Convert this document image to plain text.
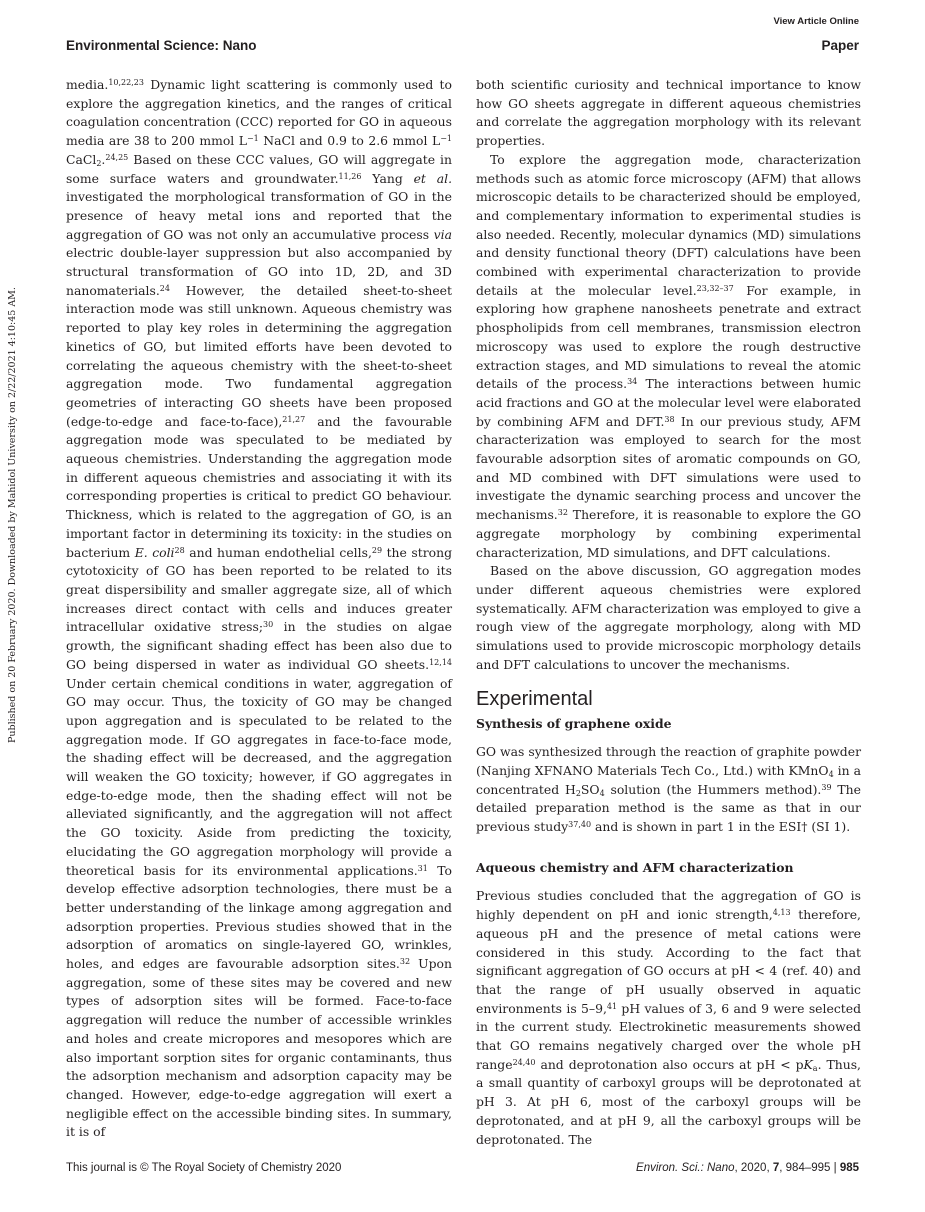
View Article Online
Environmental Science: Nano	Paper
Published on 20 February 2020. Downloaded by Mahidol University on 2/22/2021 4:10:45 AM.

media.$^{10,22,23}$ Dynamic light scattering is commonly used to explore the aggregation kinetics, and the ranges of critical coagulation concentration (CCC) reported for GO in aqueous media are 38 to 200 mmol $L^{-1}$ NaCl and 0.9 to 2.6 mmol $L^{-1}$ CaCl$_2$.$^{24,25}$ Based on these CCC values, GO will aggregate in some surface waters and groundwater.$^{11,26}$ Yang et al. investigated the morphological transformation of GO in the presence of heavy metal ions and reported that the aggregation of GO was not only an accumulative process via electric double-layer suppression but also accompanied by structural transformation of GO into 1D, 2D, and 3D nanomaterials.$^{24}$ However, the detailed sheet-to-sheet interaction mode was still unknown. Aqueous chemistry was reported to play key roles in determining the aggregation kinetics of GO, but limited efforts have been devoted to correlating the aqueous chemistry with the sheet-to-sheet aggregation mode. Two fundamental aggregation geometries of interacting GO sheets have been proposed (edge-to-edge and face-to-face),$^{21,27}$ and the favourable aggregation mode was speculated to be mediated by aqueous chemistries. Understanding the aggregation mode in different aqueous chemistries and associating it with its corresponding properties is critical to predict GO behaviour. Thickness, which is related to the aggregation of GO, is an important factor in determining its toxicity: in the studies on bacterium E. coli$^{28}$ and human endothelial cells,$^{29}$ the strong cytotoxicity of GO has been reported to be related to its great dispersibility and smaller aggregate size, all of which increases direct contact with cells and induces greater intracellular oxidative stress;$^{30}$ in the studies on algae growth, the significant shading effect has been also due to GO being dispersed in water as individual GO sheets.$^{12,14}$ Under certain chemical conditions in water, aggregation of GO may occur. Thus, the toxicity of GO may be changed upon aggregation and is speculated to be related to the aggregation mode. If GO aggregates in face-to-face mode, the shading effect will be decreased, and the aggregation will weaken the GO toxicity; however, if GO aggregates in edge-to-edge mode, then the shading effect will not be alleviated significantly, and the aggregation will not affect the GO toxicity. Aside from predicting the toxicity, elucidating the GO aggregation morphology will provide a theoretical basis for its environmental applications.$^{31}$ To develop effective adsorption technologies, there must be a better understanding of the linkage among aggregation and adsorption properties. Previous studies showed that in the adsorption of aromatics on single-layered GO, wrinkles, holes, and edges are favourable adsorption sites.$^{32}$ Upon aggregation, some of these sites may be covered and new types of adsorption sites will be formed. Face-to-face aggregation will reduce the number of accessible wrinkles and holes and create micropores and mesopores which are also important sorption sites for organic contaminants, thus the adsorption mechanism and adsorption capacity may be changed. However, edge-to-edge aggregation will exert a negligible effect on the accessible binding sites. In summary, it is of

both scientific curiosity and technical importance to know how GO sheets aggregate in different aqueous chemistries and correlate the aggregation morphology with its relevant properties.

To explore the aggregation mode, characterization methods such as atomic force microscopy (AFM) that allows microscopic details to be characterized should be employed, and complementary information to experimental studies is also needed. Recently, molecular dynamics (MD) simulations and density functional theory (DFT) calculations have been combined with experimental characterization to provide details at the molecular level.$^{23,32-37}$ For example, in exploring how graphene nanosheets penetrate and extract phospholipids from cell membranes, transmission electron microscopy was used to explore the rough destructive extraction stages, and MD simulations to reveal the atomic details of the process.$^{34}$ The interactions between humic acid fractions and GO at the molecular level were elaborated by combining AFM and DFT.$^{38}$ In our previous study, AFM characterization was employed to search for the most favourable adsorption sites of aromatic compounds on GO, and MD combined with DFT simulations were used to investigate the dynamic searching process and uncover the mechanisms.$^{32}$ Therefore, it is reasonable to explore the GO aggregate morphology by combining experimental characterization, MD simulations, and DFT calculations.

Based on the above discussion, GO aggregation modes under different aqueous chemistries were explored systematically. AFM characterization was employed to give a rough view of the aggregate morphology, along with MD simulations used to provide microscopic morphology details and DFT calculations to uncover the mechanisms.

Experimental
Synthesis of graphene oxide

GO was synthesized through the reaction of graphite powder (Nanjing XFNANO Materials Tech Co., Ltd.) with KMnO$_4$ in a concentrated $H_2SO_4$ solution (the Hummers method).$^{39}$ The detailed preparation method is the same as that in our previous study$^{37,40}$ and is shown in part 1 in the ESI† (SI 1).

Aqueous chemistry and AFM characterization

Previous studies concluded that the aggregation of GO is highly dependent on pH and ionic strength,$^{4,13}$ therefore, aqueous pH and the presence of metal cations were considered in this study. According to the fact that significant aggregation of GO occurs at pH < 4 (ref. 40) and that the range of pH usually observed in aquatic environments is 5–9,41 pH values of 3, 6 and 9 were selected in the current study. Electrokinetic measurements showed that GO remains negatively charged over the whole pH range$^{24,40}$ and deprotonation also occurs at pH < $pK_a$. Thus, a small quantity of carboxyl groups will be deprotonated at pH 3. At pH 6, most of the carboxyl groups will be deprotonated, and at pH 9, all the carboxyl groups will be deprotonated. The

This journal is © The Royal Society of Chemistry 2020	Environ. Sci.: Nano, 2020, 7, 984–995 | 985
